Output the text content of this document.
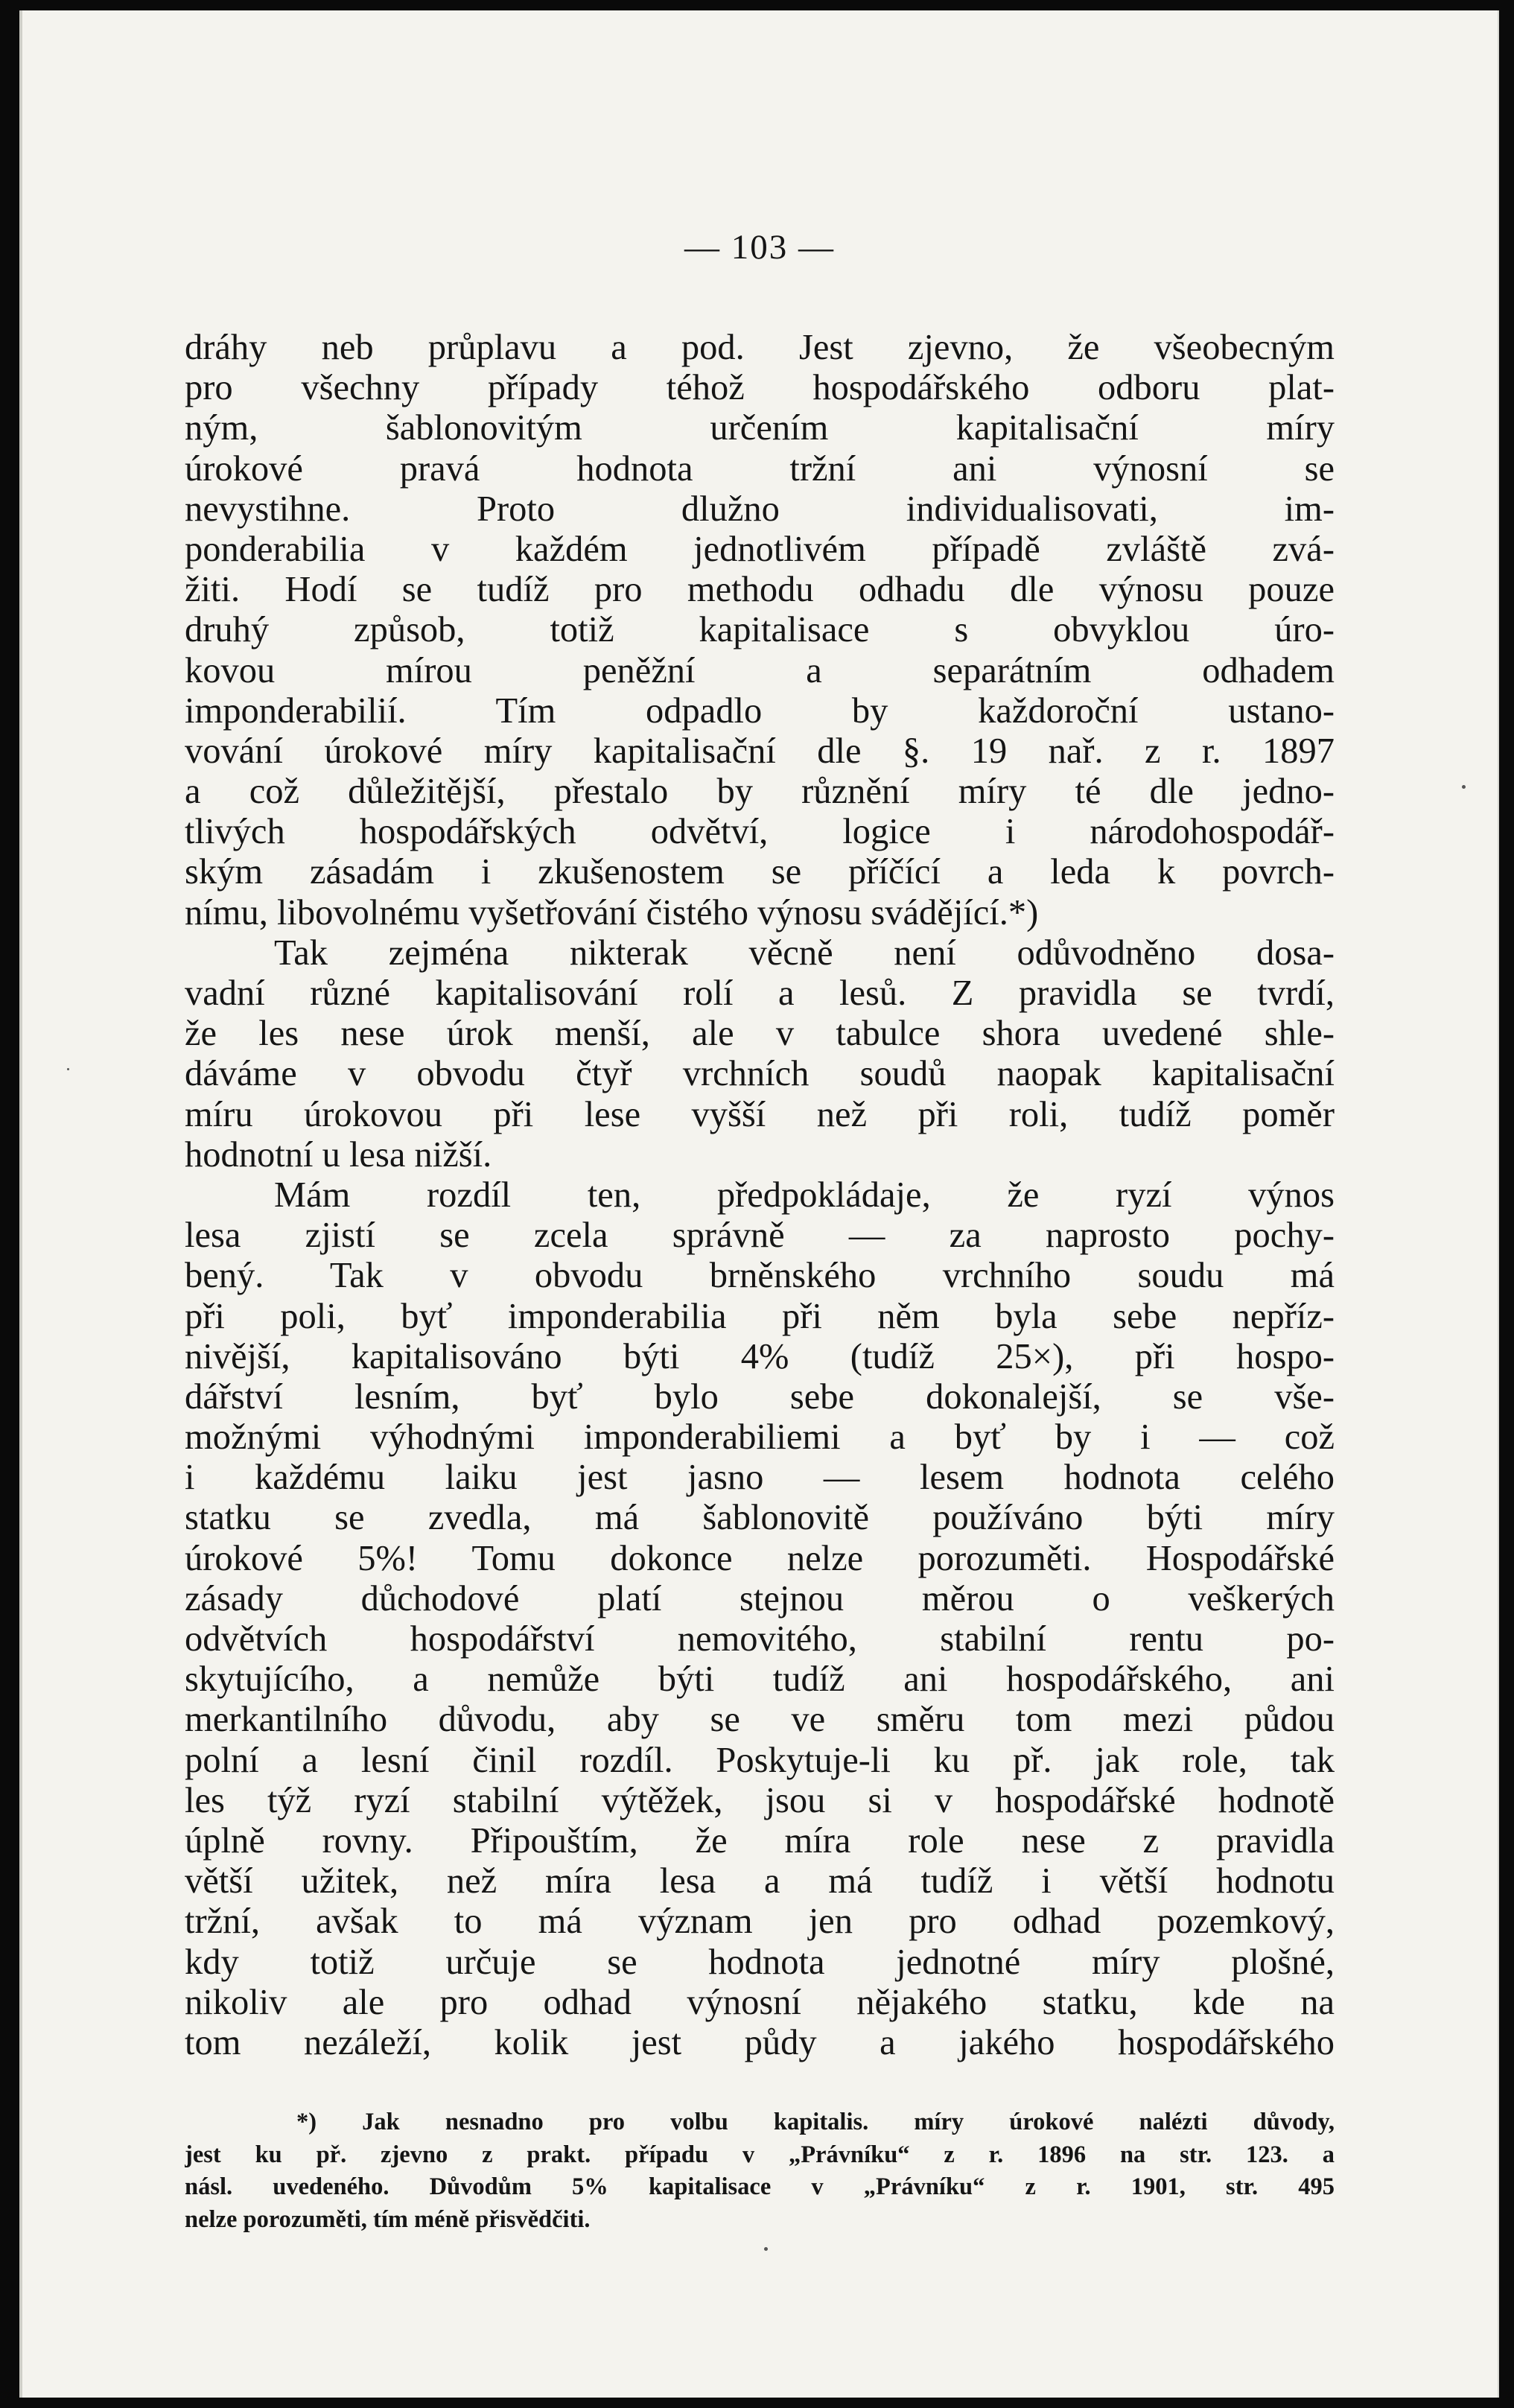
— 103 —
dráhy neb průplavu a pod. Jest zjevno, že všeobecným
pro všechny případy téhož hospodářského odboru plat-
ným, šablonovitým určením kapitalisační míry
úrokové pravá hodnota tržní ani výnosní se
nevystihne. Proto dlužno individualisovati, im-
ponderabilia v každém jednotlivém případě zvláště zvá-
žiti. Hodí se tudíž pro methodu odhadu dle výnosu pouze
druhý způsob, totiž kapitalisace s obvyklou úro-
kovou mírou peněžní a separátním odhadem
imponderabilií. Tím odpadlo by každoroční ustano-
vování úrokové míry kapitalisační dle §. 19 nař. z r. 1897
a což důležitější, přestalo by různění míry té dle jedno-
tlivých hospodářských odvětví, logice i národohospodář-
ským zásadám i zkušenostem se příčící a leda k povrch-
nímu, libovolnému vyšetřování čistého výnosu svádějící.*)
Tak zejména nikterak věcně není odůvodněno dosa-
vadní různé kapitalisování rolí a lesů. Z pravidla se tvrdí,
že les nese úrok menší, ale v tabulce shora uvedené shle-
dáváme v obvodu čtyř vrchních soudů naopak kapitalisační
míru úrokovou při lese vyšší než při roli, tudíž poměr
hodnotní u lesa nižší.
Mám rozdíl ten, předpokládaje, že ryzí výnos
lesa zjistí se zcela správně — za naprosto pochy-
bený. Tak v obvodu brněnského vrchního soudu má
při poli, byť imponderabilia při něm byla sebe nepříz-
nivější, kapitalisováno býti 4% (tudíž 25×), při hospo-
dářství lesním, byť bylo sebe dokonalejší, se vše-
možnými výhodnými imponderabiliemi a byť by i — což
i každému laiku jest jasno — lesem hodnota celého
statku se zvedla, má šablonovitě používáno býti míry
úrokové 5%! Tomu dokonce nelze porozuměti. Hospodářské
zásady důchodové platí stejnou měrou o veškerých
odvětvích hospodářství nemovitého, stabilní rentu po-
skytujícího, a nemůže býti tudíž ani hospodářského, ani
merkantilního důvodu, aby se ve směru tom mezi půdou
polní a lesní činil rozdíl. Poskytuje-li ku př. jak role, tak
les týž ryzí stabilní výtěžek, jsou si v hospodářské hodnotě
úplně rovny. Připouštím, že míra role nese z pravidla
větší užitek, než míra lesa a má tudíž i větší hodnotu
tržní, avšak to má význam jen pro odhad pozemkový,
kdy totiž určuje se hodnota jednotné míry plošné,
nikoliv ale pro odhad výnosní nějakého statku, kde na
tom nezáleží, kolik jest půdy a jakého hospodářského
*) Jak nesnadno pro volbu kapitalis. míry úrokové nalézti důvody,
jest ku př. zjevno z prakt. případu v „Právníku“ z r. 1896 na str. 123. a
násl. uvedeného. Důvodům 5% kapitalisace v „Právníku“ z r. 1901, str. 495
nelze porozuměti, tím méně přisvědčiti.
